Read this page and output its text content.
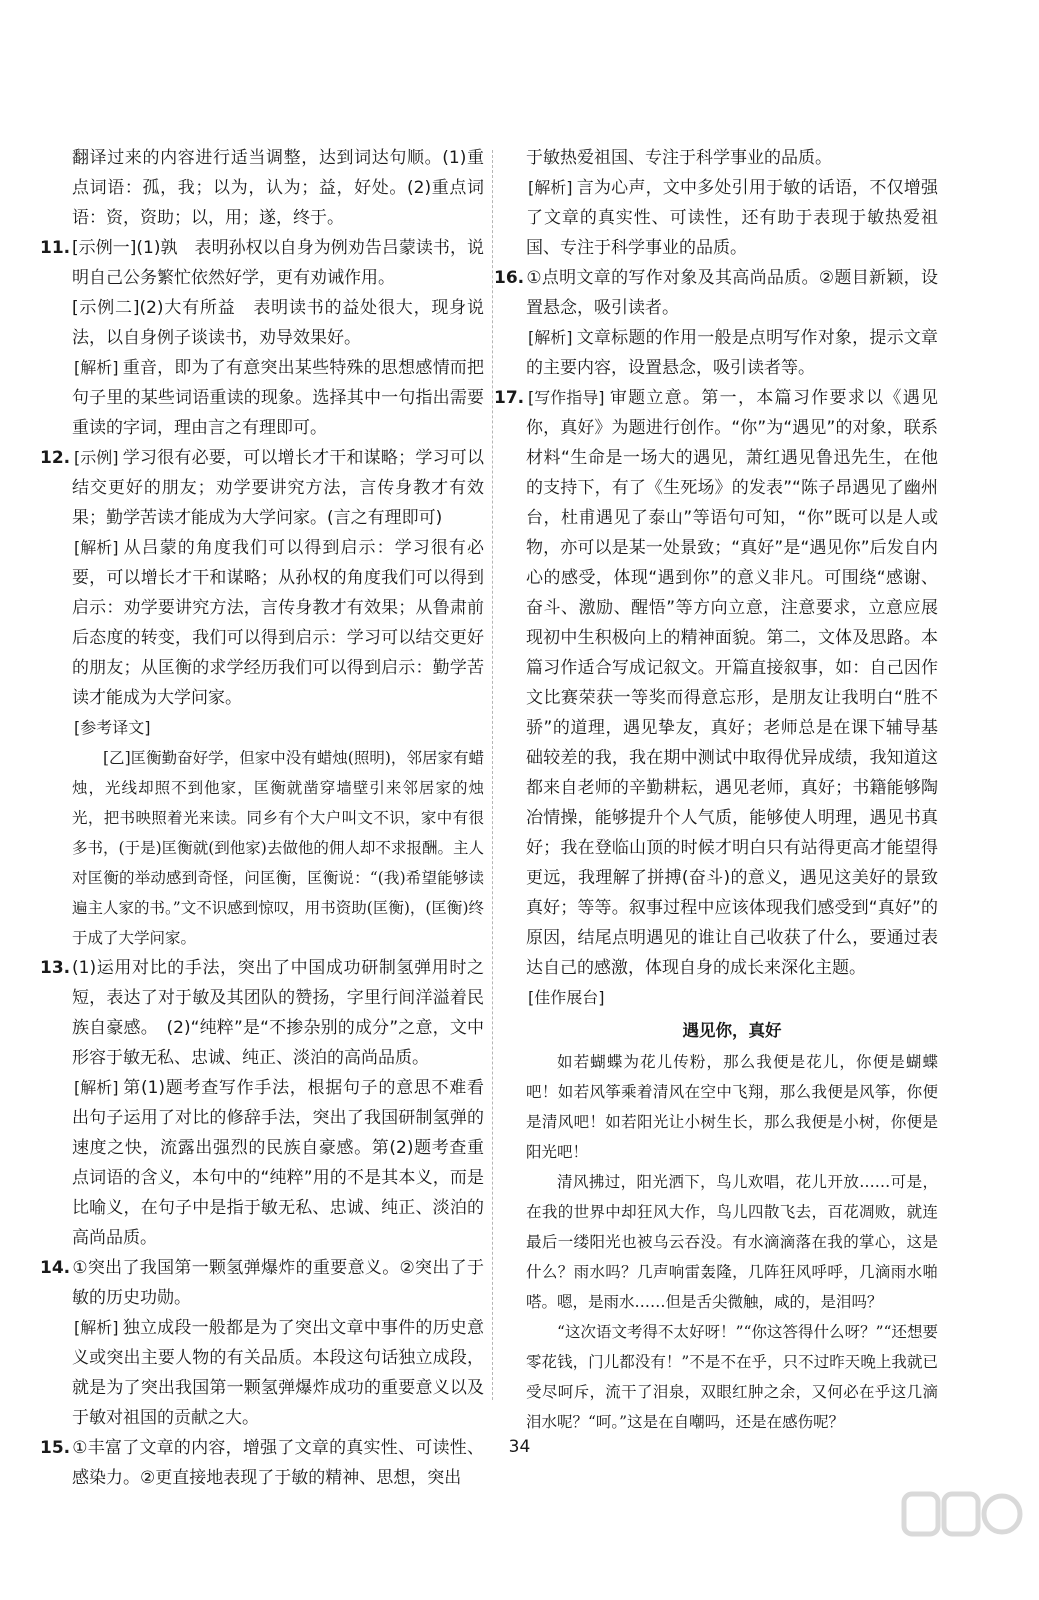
翻译过来的内容进行适当调整，达到词达句顺。(1)重点词语：孤，我；以为，认为；益，好处。(2)重点词语：资，资助；以，用；遂，终于。

11. [示例一](1)孰　表明孙权以自身为例劝告吕蒙读书，说明自己公务繁忙依然好学，更有劝诫作用。

[示例二](2)大有所益　表明读书的益处很大，现身说法，以自身例子谈读书，劝导效果好。

[ 解析 ] 重音，即为了有意突出某些特殊的思想感情而把句子里的某些词语重读的现象。选择其中一句指出需要重读的字词，理由言之有理即可。

12. [ 示例 ] 学习很有必要，可以增长才干和谋略；学习可以结交更好的朋友；劝学要讲究方法，言传身教才有效果；勤学苦读才能成为大学问家。(言之有理即可)

[ 解析 ] 从吕蒙的角度我们可以得到启示：学习很有必要，可以增长才干和谋略；从孙权的角度我们可以得到启示：劝学要讲究方法，言传身教才有效果；从鲁肃前后态度的转变，我们可以得到启示：学习可以结交更好的朋友；从匡衡的求学经历我们可以得到启示：勤学苦读才能成为大学问家。

[ 参考译文 ]

[乙]匡衡勤奋好学，但家中没有蜡烛(照明)，邻居家有蜡烛，光线却照不到他家，匡衡就凿穿墙壁引来邻居家的烛光，把书映照着光来读。同乡有个大户叫文不识，家中有很多书，(于是)匡衡就(到他家)去做他的佣人却不求报酬。主人对匡衡的举动感到奇怪，问匡衡，匡衡说：“(我)希望能够读遍主人家的书。”文不识感到惊叹，用书资助(匡衡)，(匡衡)终于成了大学问家。

13. (1)运用对比的手法，突出了中国成功研制氢弹用时之短，表达了对于敏及其团队的赞扬，字里行间洋溢着民族自豪感。　(2)“纯粹”是“不掺杂别的成分”之意，文中形容于敏无私、忠诚、纯正、淡泊的高尚品质。

[ 解析 ] 第(1)题考查写作手法，根据句子的意思不难看出句子运用了对比的修辞手法，突出了我国研制氢弹的速度之快，流露出强烈的民族自豪感。第(2)题考查重点词语的含义，本句中的“纯粹”用的不是其本义，而是比喻义，在句子中是指于敏无私、忠诚、纯正、淡泊的高尚品质。

14. ①突出了我国第一颗氢弹爆炸的重要意义。②突出了于敏的历史功勋。

[ 解析 ] 独立成段一般都是为了突出文章中事件的历史意义或突出主要人物的有关品质。本段这句话独立成段，就是为了突出我国第一颗氢弹爆炸成功的重要意义以及于敏对祖国的贡献之大。

15. ①丰富了文章的内容，增强了文章的真实性、可读性、感染力。②更直接地表现了于敏的精神、思想，突出

于敏热爱祖国、专注于科学事业的品质。

[ 解析 ] 言为心声，文中多处引用于敏的话语，不仅增强了文章的真实性、可读性，还有助于表现于敏热爱祖国、专注于科学事业的品质。

16. ①点明文章的写作对象及其高尚品质。②题目新颖，设置悬念，吸引读者。

[ 解析 ] 文章标题的作用一般是点明写作对象，提示文章的主要内容，设置悬念，吸引读者等。

17. [ 写作指导 ] 审题立意。第一，本篇习作要求以《遇见你，真好》为题进行创作。“你”为“遇见”的对象，联系材料“生命是一场大的遇见，萧红遇见鲁迅先生，在他的支持下，有了《生死场》的发表”“陈子昂遇见了幽州台，杜甫遇见了泰山”等语句可知，“你”既可以是人或物，亦可以是某一处景致；“真好”是“遇见你”后发自内心的感受，体现“遇到你”的意义非凡。可围绕“感谢、奋斗、激励、醒悟”等方向立意，注意要求，立意应展现初中生积极向上的精神面貌。第二，文体及思路。本篇习作适合写成记叙文。开篇直接叙事，如：自己因作文比赛荣获一等奖而得意忘形，是朋友让我明白“胜不骄”的道理，遇见挚友，真好；老师总是在课下辅导基础较差的我，我在期中测试中取得优异成绩，我知道这都来自老师的辛勤耕耘，遇见老师，真好；书籍能够陶冶情操，能够提升个人气质，能够使人明理，遇见书真好；我在登临山顶的时候才明白只有站得更高才能望得更远，我理解了拼搏(奋斗)的意义，遇见这美好的景致真好；等等。叙事过程中应该体现我们感受到“真好”的原因，结尾点明遇见的谁让自己收获了什么，要通过表达自己的感激，体现自身的成长来深化主题。

[ 佳作展台 ]

遇见你，真好

如若蝴蝶为花儿传粉，那么我便是花儿，你便是蝴蝶吧！如若风筝乘着清风在空中飞翔，那么我便是风筝，你便是清风吧！如若阳光让小树生长，那么我便是小树，你便是阳光吧！

清风拂过，阳光洒下，鸟儿欢唱，花儿开放……可是，在我的世界中却狂风大作，鸟儿四散飞去，百花凋败，就连最后一缕阳光也被乌云吞没。有水滴滴落在我的掌心，这是什么？雨水吗？几声响雷轰隆，几阵狂风呼呼，几滴雨水啪嗒。嗯，是雨水……但是舌尖微触，咸的，是泪吗？

“这次语文考得不太好呀！”“你这答得什么呀？”“还想要零花钱，门儿都没有！”不是不在乎，只不过昨天晚上我就已受尽呵斥，流干了泪泉，双眼红肿之余，又何必在乎这几滴泪水呢？“呵。”这是在自嘲吗，还是在感伤呢？

34
